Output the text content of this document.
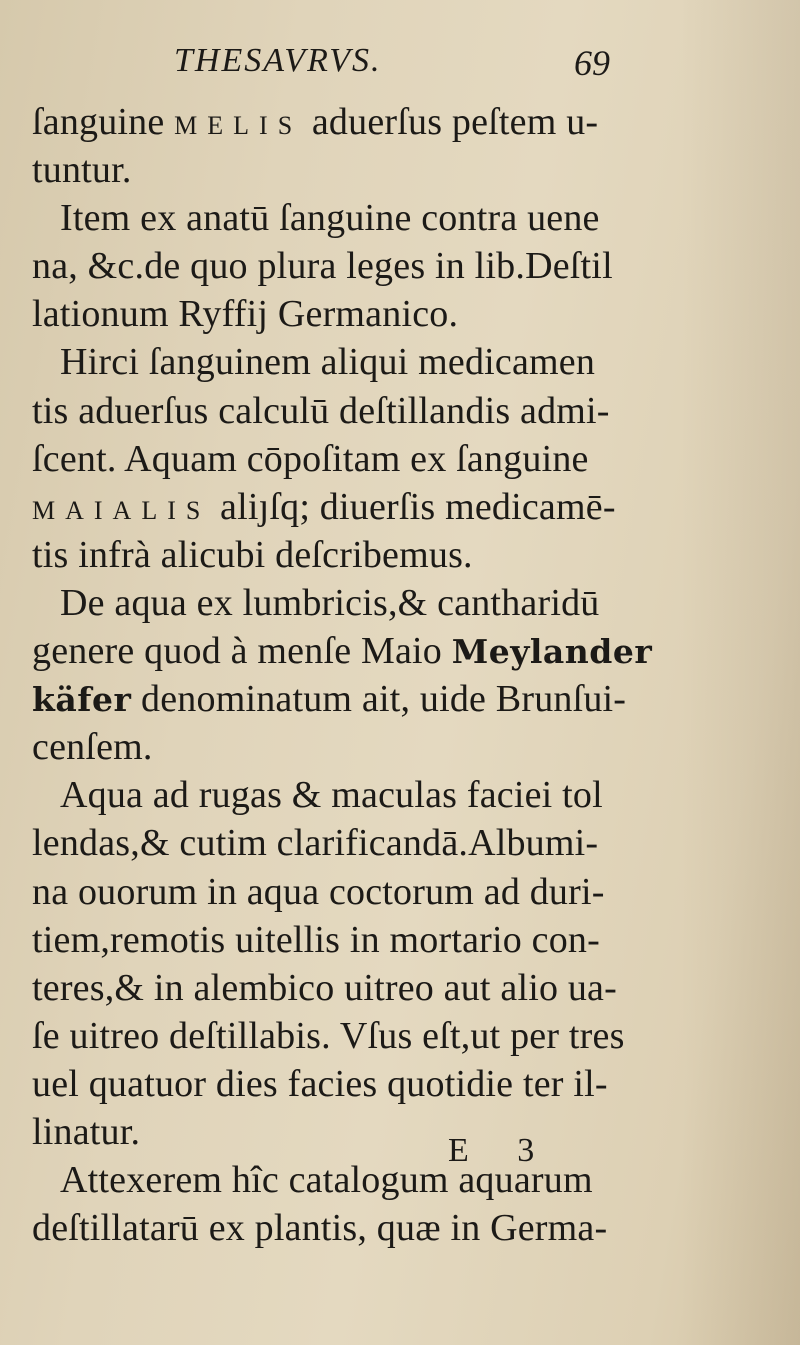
THESAVRVS.	69
ſanguine MELIS aduerſus peſtem u-
tuntur.
Item ex anatū ſanguine contra uene
na, &c.de quo plura leges in lib.Deſtil
lationum Ryffij Germanico.
Hirci ſanguinem aliqui medicamen
tis aduerſus calculū deſtillandis admi-
ſcent. Aquam cōpoſitam ex ſanguine
MAIALIS aliȷſq; diuerſis medicamē-
tis infrà alicubi deſcribemus.
De aqua ex lumbricis,& cantharidū
genere quod à menſe Maio Meylander
käfer denominatum ait, uide Brunſui-
cenſem.
Aqua ad rugas & maculas faciei tol
lendas,& cutim clarificandā.Albumi-
na ouorum in aqua coctorum ad duri-
tiem,remotis uitellis in mortario con-
teres,& in alembico uitreo aut alio ua-
ſe uitreo deſtillabis. Vſus eſt,ut per tres
uel quatuor dies facies quotidie ter il-
linatur.
Attexerem hîc catalogum aquarum
deſtillatarū ex plantis, quæ in Germa-
E 3
